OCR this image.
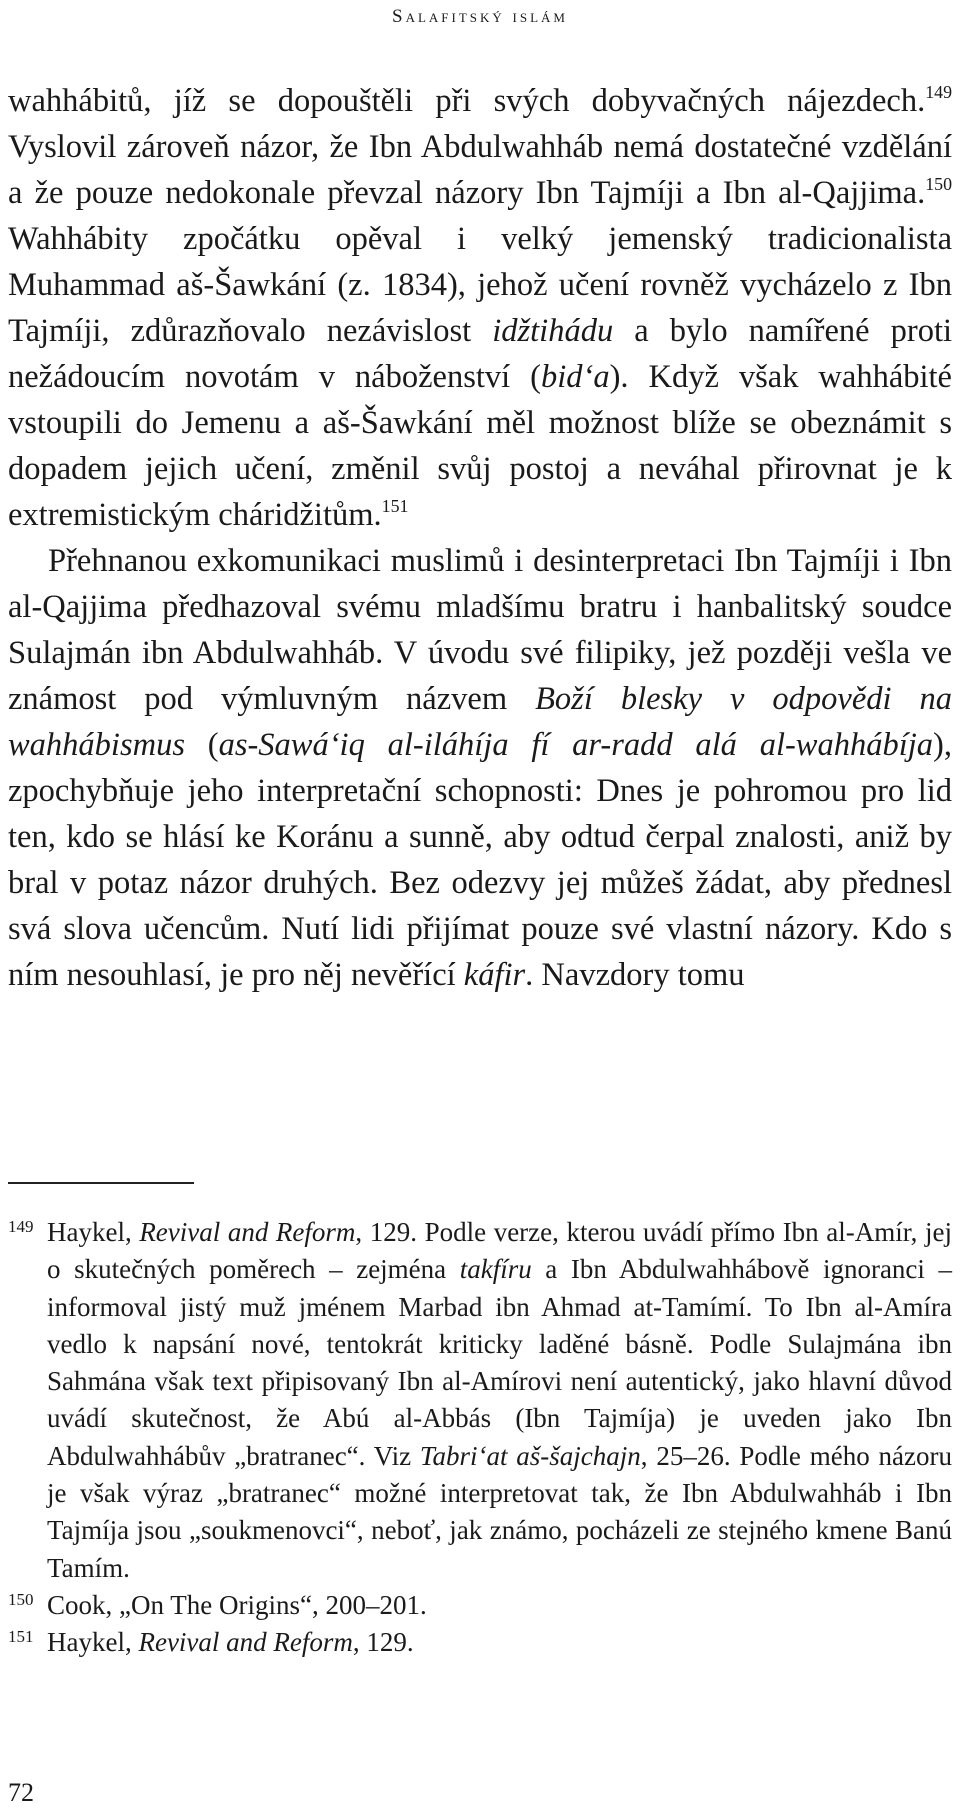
Salafitský islám

wahhábitů, jíž se dopouštěli při svých dobyvačných nájezdech.$^{149}$ Vyslovil zároveň názor, že Ibn Abdulwahháb nemá dostatečné vzdělání a že pouze nedokonale převzal názory Ibn Tajmíji a Ibn al-Qajjima.$^{150}$ Wahhábity zpočátku opěval i velký jemenský tradicionalista Muhammad aš-Šawkání (z. 1834), jehož učení rovněž vycházelo z Ibn Tajmíji, zdůrazňovalo nezávislost idžtihádu a bylo namířené proti nežádoucím novotám v náboženství (bid‘a). Když však wahhábité vstoupili do Jemenu a aš-Šawkání měl možnost blíže se obeznámit s dopadem jejich učení, změnil svůj postoj a neváhal přirovnat je k extremistickým cháridžitům.$^{151}$

Přehnanou exkomunikaci muslimů i desinterpretaci Ibn Tajmíji i Ibn al-Qajjima předhazoval svému mladšímu bratru i hanbalitský soudce Sulajmán ibn Abdulwahháb. V úvodu své filipiky, jež později vešla ve známost pod výmluvným názvem Boží blesky v odpovědi na wahhábismus (as-Sawá‘iq al-iláhíja fí ar-radd alá al-wahhábíja), zpochybňuje jeho interpretační schopnosti: Dnes je pohromou pro lid ten, kdo se hlásí ke Koránu a sunně, aby odtud čerpal znalosti, aniž by bral v potaz názor druhých. Bez odezvy jej můžeš žádat, aby přednesl svá slova učencům. Nutí lidi přijímat pouze své vlastní názory. Kdo s ním nesouhlasí, je pro něj nevěřící káfir. Navzdory tomu

149 Haykel, Revival and Reform, 129. Podle verze, kterou uvádí přímo Ibn al-Amír, jej o skutečných poměrech – zejména takfíru a Ibn Abdulwahhábově ignoranci – informoval jistý muž jménem Marbad ibn Ahmad at-Tamímí. To Ibn al-Amíra vedlo k napsání nové, tentokrát kriticky laděné básně. Podle Sulajmána ibn Sahmána však text připisovaný Ibn al-Amírovi není autentický, jako hlavní důvod uvádí skutečnost, že Abú al-Abbás (Ibn Tajmíja) je uveden jako Ibn Abdulwahhábův „bratranec“. Viz Tabri‘at aš-šajchajn, 25–26. Podle mého názoru je však výraz „bratranec“ možné interpretovat tak, že Ibn Abdulwahháb i Ibn Tajmíja jsou „soukmenovci“, neboť, jak známo, pocházeli ze stejného kmene Banú Tamím.
150 Cook, „On The Origins“, 200–201.
151 Haykel, Revival and Reform, 129.
72
